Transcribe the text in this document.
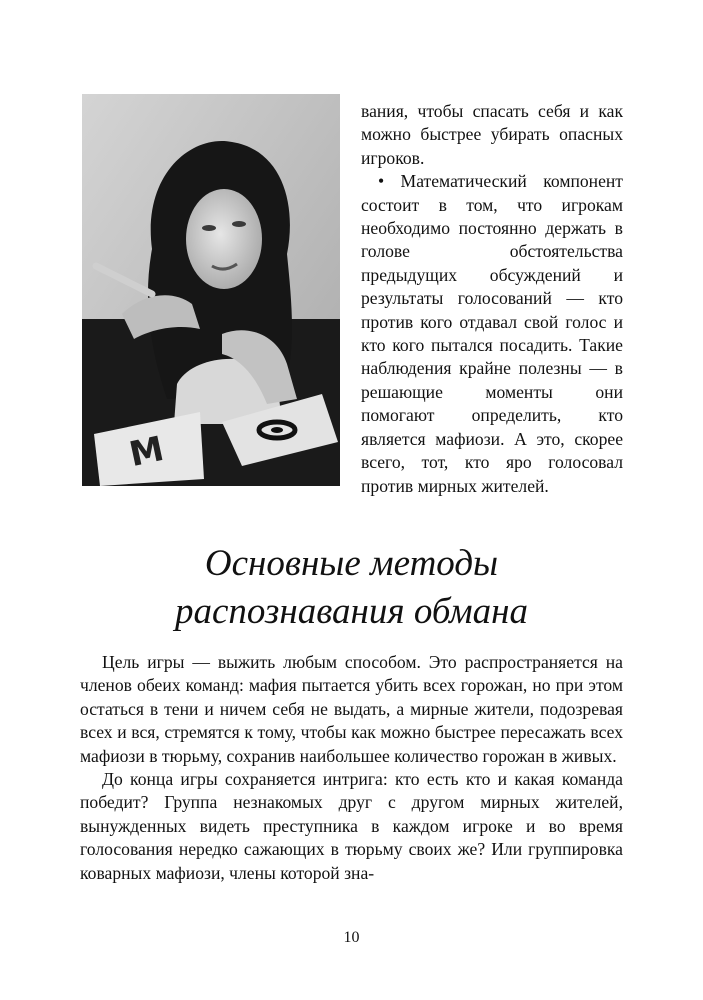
M

вания, чтобы спасать себя и как можно быстрее убирать опасных игроков.

• Математический компонент состоит в том, что игрокам необходимо постоянно держать в голове обстоятельства предыдущих обсуждений и результаты голосований — кто против кого отдавал свой голос и кто кого пытался посадить. Такие наблюдения крайне полезны — в решающие моменты они помогают определить, кто является мафиози. А это, скорее всего, тот, кто яро голосовал против мирных жителей.

Основные методы
распознавания обмана

Цель игры — выжить любым способом. Это распространяется на членов обеих команд: мафия пытается убить всех горожан, но при этом остаться в тени и ничем себя не выдать, а мирные жители, подозревая всех и вся, стремятся к тому, чтобы как можно быстрее пересажать всех мафиози в тюрьму, сохранив наибольшее количество горожан в живых.

До конца игры сохраняется интрига: кто есть кто и какая команда победит? Группа незнакомых друг с другом мирных жителей, вынужденных видеть преступника в каждом игроке и во время голосования нередко сажающих в тюрьму своих же? Или группировка коварных мафиози, члены которой зна-

10
